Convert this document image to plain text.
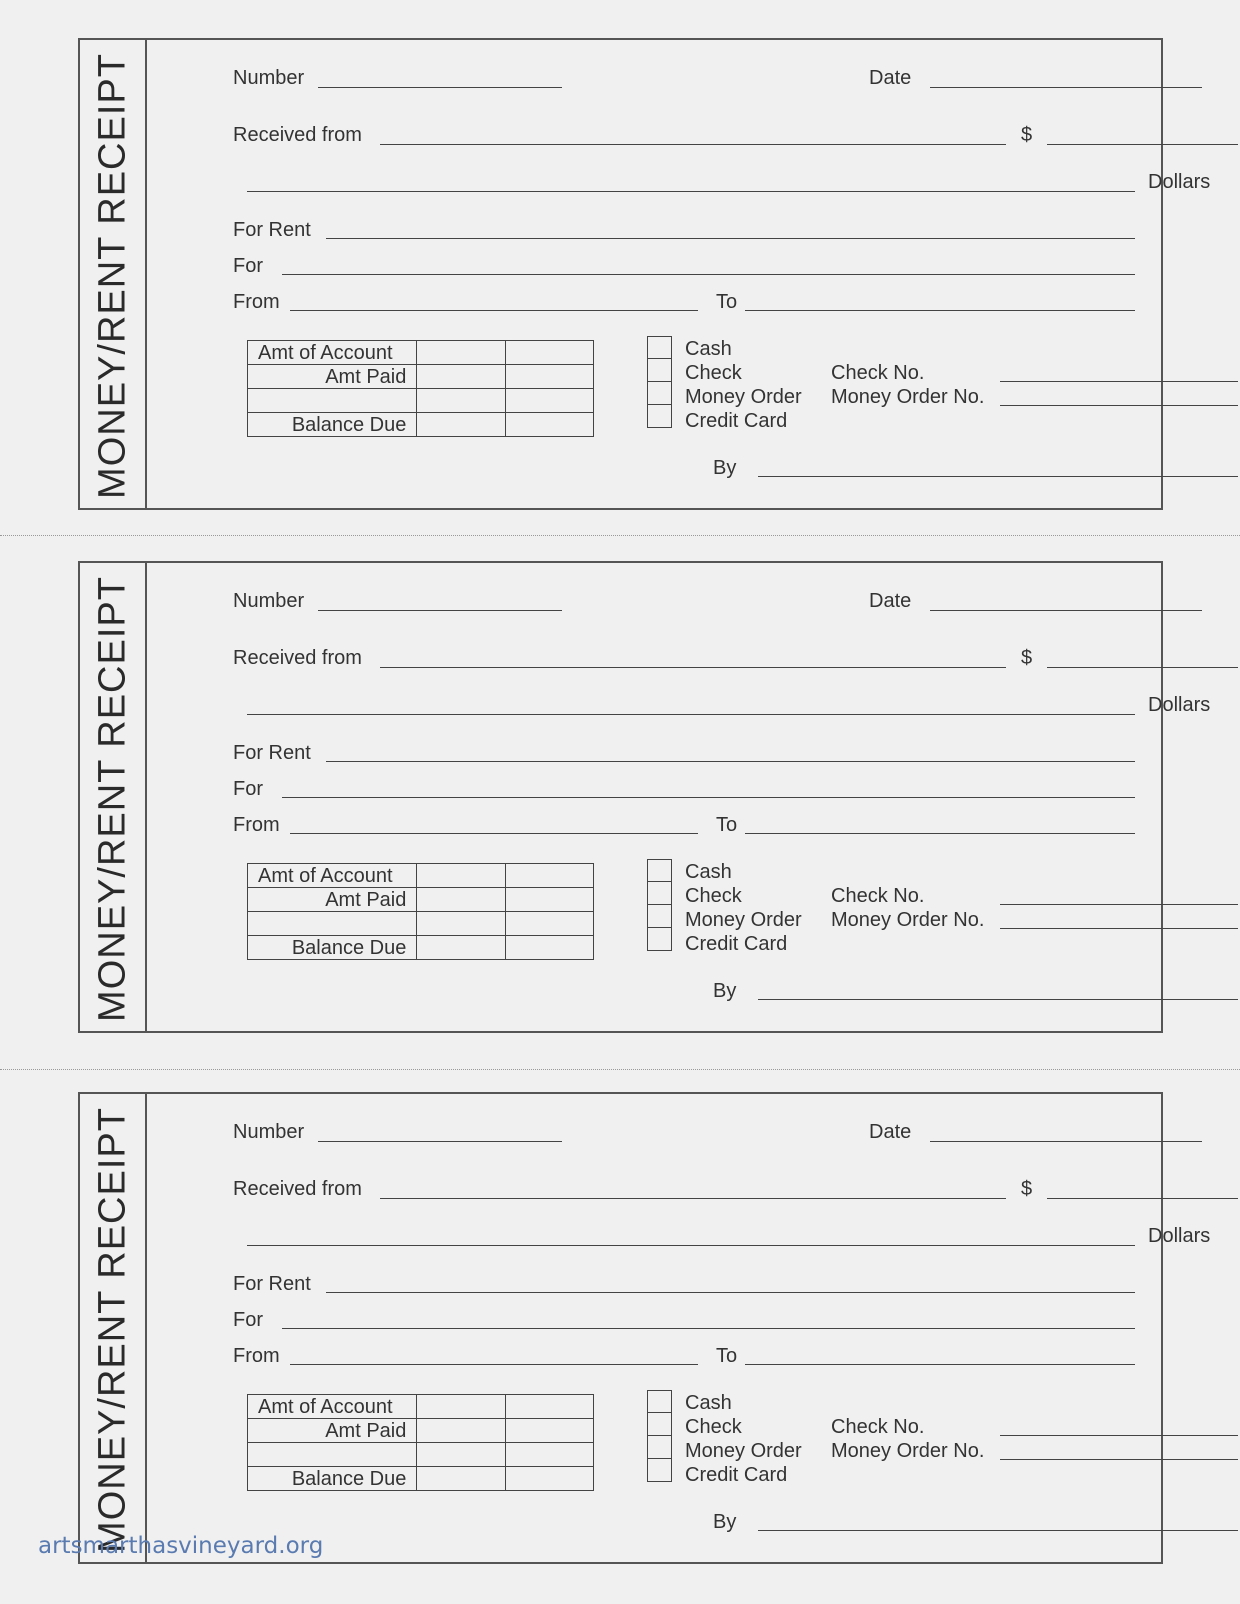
MONEY/RENT RECEIPT	Number	Date
Received from	$
Dollars
For Rent
For
From	To
Amt of Account		
Amt Paid		

Balance Due		
Cash
Check
Money Order
Credit Card
Check No.
Money Order No.
By
MONEY/RENT RECEIPT	Number	Date
Received from	$
Dollars
For Rent
For
From	To
Amt of Account		
Amt Paid		

Balance Due		
Cash
Check
Money Order
Credit Card
Check No.
Money Order No.
By
MONEY/RENT RECEIPT	Number	Date
Received from	$
Dollars
For Rent
For
From	To
Amt of Account		
Amt Paid		

Balance Due		
Cash
Check
Money Order
Credit Card
Check No.
Money Order No.
By
artsmarthasvineyard.org
